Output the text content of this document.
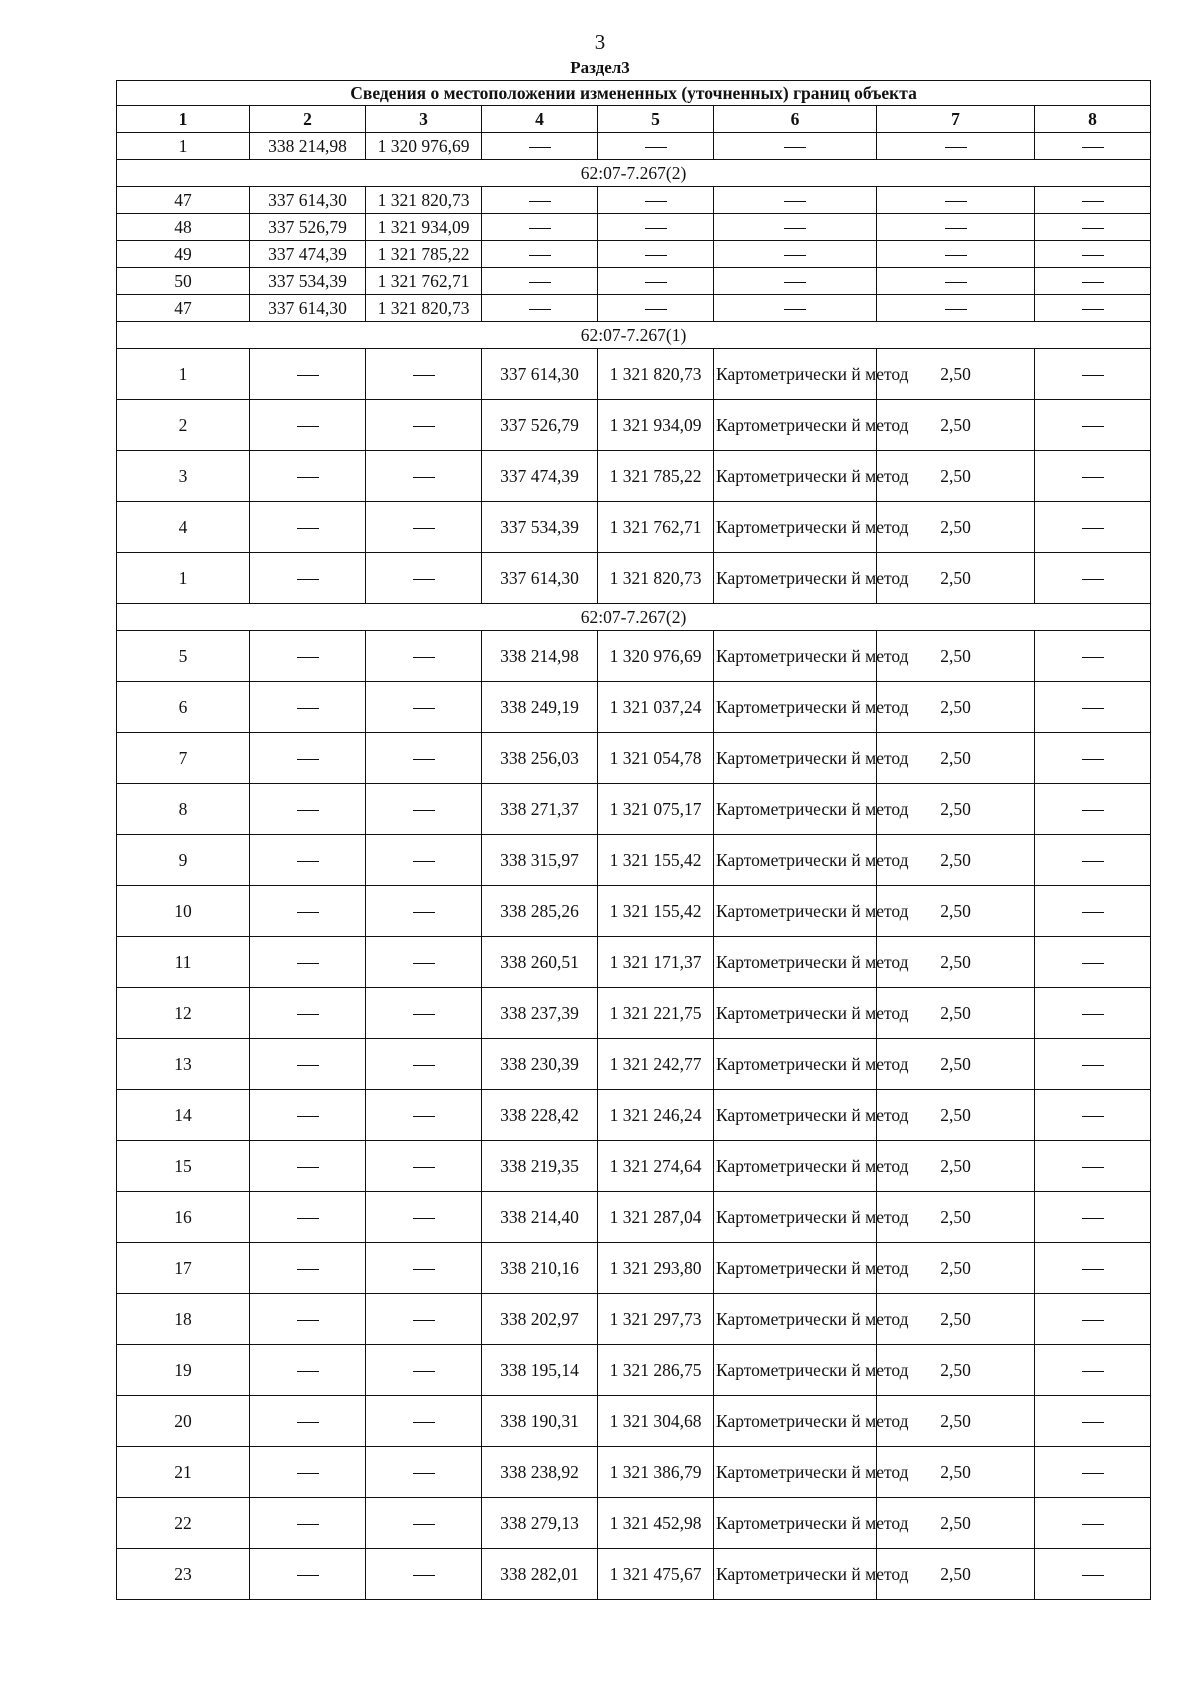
3
Раздел3
Сведения о местоположении измененных (уточненных) границ объекта							
1	2	3	4	5	6	7	8
1	338 214,98	1 320 976,69					
62:07-7.267(2)							
47	337 614,30	1 321 820,73					
48	337 526,79	1 321 934,09					
49	337 474,39	1 321 785,22					
50	337 534,39	1 321 762,71					
47	337 614,30	1 321 820,73					
62:07-7.267(1)							
1			337 614,30	1 321 820,73	Картометрически й метод	2,50	
2			337 526,79	1 321 934,09	Картометрически й метод	2,50	
3			337 474,39	1 321 785,22	Картометрически й метод	2,50	
4			337 534,39	1 321 762,71	Картометрически й метод	2,50	
1			337 614,30	1 321 820,73	Картометрически й метод	2,50	
62:07-7.267(2)							
5			338 214,98	1 320 976,69	Картометрически й метод	2,50	
6			338 249,19	1 321 037,24	Картометрически й метод	2,50	
7			338 256,03	1 321 054,78	Картометрически й метод	2,50	
8			338 271,37	1 321 075,17	Картометрически й метод	2,50	
9			338 315,97	1 321 155,42	Картометрически й метод	2,50	
10			338 285,26	1 321 155,42	Картометрически й метод	2,50	
11			338 260,51	1 321 171,37	Картометрически й метод	2,50	
12			338 237,39	1 321 221,75	Картометрически й метод	2,50	
13			338 230,39	1 321 242,77	Картометрически й метод	2,50	
14			338 228,42	1 321 246,24	Картометрически й метод	2,50	
15			338 219,35	1 321 274,64	Картометрически й метод	2,50	
16			338 214,40	1 321 287,04	Картометрически й метод	2,50	
17			338 210,16	1 321 293,80	Картометрически й метод	2,50	
18			338 202,97	1 321 297,73	Картометрически й метод	2,50	
19			338 195,14	1 321 286,75	Картометрически й метод	2,50	
20			338 190,31	1 321 304,68	Картометрически й метод	2,50	
21			338 238,92	1 321 386,79	Картометрически й метод	2,50	
22			338 279,13	1 321 452,98	Картометрически й метод	2,50	
23			338 282,01	1 321 475,67	Картометрически й метод	2,50	
